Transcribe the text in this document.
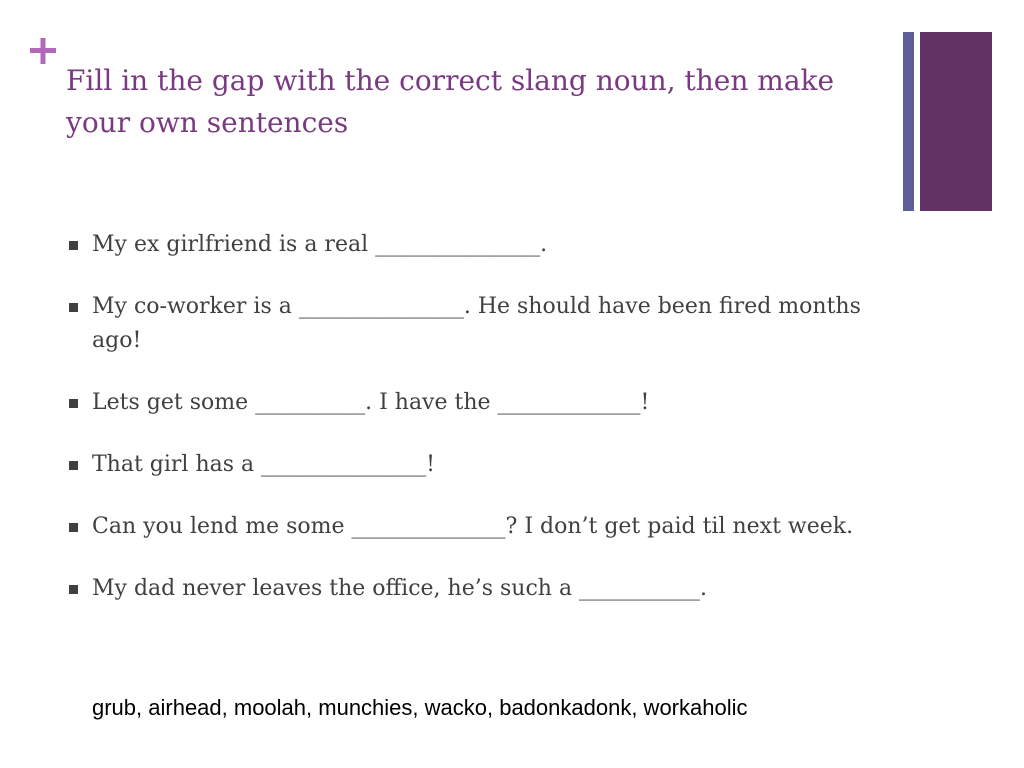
Fill in the gap with the correct slang noun, then make your own sentences
My ex girlfriend is a real _______________.
My co-worker is a _______________. He should have been fired months ago!
Lets get some __________. I have the _____________!
That girl has a _______________!
Can you lend me some ______________? I don’t get paid til next week.
My dad never leaves the office, he’s such a ___________.

grub, airhead, moolah, munchies, wacko, badonkadonk, workaholic
